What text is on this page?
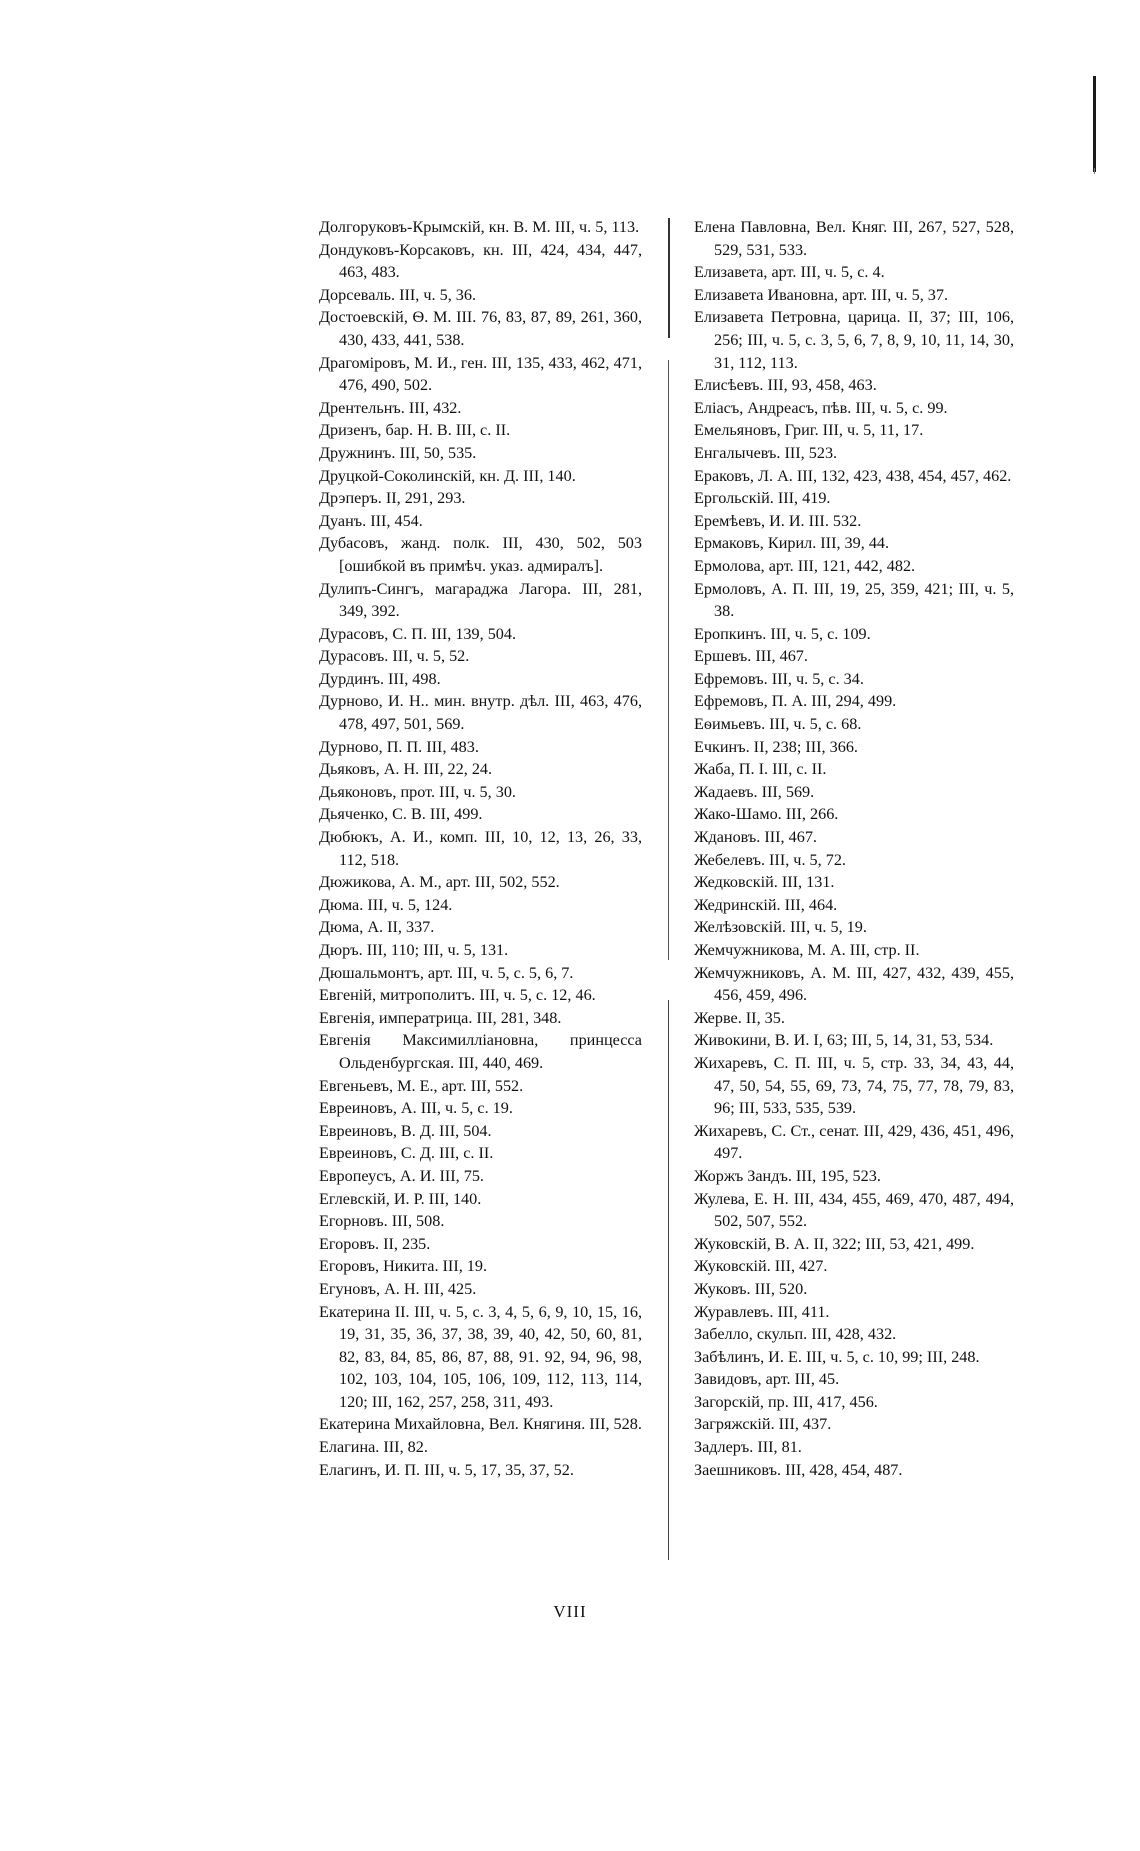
Долгоруковъ-Крымскій, кн. В. М. III, ч. 5, 113.

Дондуковъ-Корсаковъ, кн. III, 424, 434, 447, 463, 483.

Дорсеваль. III, ч. 5, 36.

Достоевскій, Ѳ. М. III. 76, 83, 87, 89, 261, 360, 430, 433, 441, 538.

Драгоміровъ, М. И., ген. III, 135, 433, 462, 471, 476, 490, 502.

Дрентельнъ. III, 432.

Дризенъ, бар. Н. В. III, с. II.

Дружнинъ. III, 50, 535.

Друцкой-Соколинскій, кн. Д. III, 140.

Дрэперъ. II, 291, 293.

Дуанъ. III, 454.

Дубасовъ, жанд. полк. III, 430, 502, 503 [ошибкой въ примѣч. указ. адмиралъ].

Дулипъ-Сингъ, магараджа Лагора. III, 281, 349, 392.

Дурасовъ, С. П. III, 139, 504.

Дурасовъ. III, ч. 5, 52.

Дурдинъ. III, 498.

Дурново, И. Н.. мин. внутр. дѣл. III, 463, 476, 478, 497, 501, 569.

Дурново, П. П. III, 483.

Дьяковъ, А. Н. III, 22, 24.

Дьяконовъ, прот. III, ч. 5, 30.

Дьяченко, С. В. III, 499.

Дюбюкъ, А. И., комп. III, 10, 12, 13, 26, 33, 112, 518.

Дюжикова, А. М., арт. III, 502, 552.

Дюма. III, ч. 5, 124.

Дюма, А. II, 337.

Дюръ. III, 110; III, ч. 5, 131.

Дюшальмонтъ, арт. III, ч. 5, с. 5, 6, 7.

Евгеній, митрополитъ. III, ч. 5, с. 12, 46.

Евгенія, императрица. III, 281, 348.

Евгенія Максимилліановна, принцесса Ольденбургская. III, 440, 469.

Евгеньевъ, М. Е., арт. III, 552.

Евреиновъ, А. III, ч. 5, с. 19.

Евреиновъ, В. Д. III, 504.

Евреиновъ, С. Д. III, с. II.

Европеусъ, А. И. III, 75.

Еглевскій, И. Р. III, 140.

Егорновъ. III, 508.

Егоровъ. II, 235.

Егоровъ, Никита. III, 19.

Егуновъ, А. Н. III, 425.

Екатерина II. III, ч. 5, с. 3, 4, 5, 6, 9, 10, 15, 16, 19, 31, 35, 36, 37, 38, 39, 40, 42, 50, 60, 81, 82, 83, 84, 85, 86, 87, 88, 91. 92, 94, 96, 98, 102, 103, 104, 105, 106, 109, 112, 113, 114, 120; III, 162, 257, 258, 311, 493.

Екатерина Михайловна, Вел. Княгиня. III, 528.

Елагина. III, 82.

Елагинъ, И. П. III, ч. 5, 17, 35, 37, 52.

Елена Павловна, Вел. Княг. III, 267, 527, 528, 529, 531, 533.

Елизавета, арт. III, ч. 5, с. 4.

Елизавета Ивановна, арт. III, ч. 5, 37.

Елизавета Петровна, царица. II, 37; III, 106, 256; III, ч. 5, с. 3, 5, 6, 7, 8, 9, 10, 11, 14, 30, 31, 112, 113.

Елисѣевъ. III, 93, 458, 463.

Еліасъ, Андреасъ, пѣв. III, ч. 5, с. 99.

Емельяновъ, Григ. III, ч. 5, 11, 17.

Енгалычевъ. III, 523.

Ераковъ, Л. А. III, 132, 423, 438, 454, 457, 462.

Ергольскій. III, 419.

Еремѣевъ, И. И. III. 532.

Ермаковъ, Кирил. III, 39, 44.

Ермолова, арт. III, 121, 442, 482.

Ермоловъ, А. П. III, 19, 25, 359, 421; III, ч. 5, 38.

Еропкинъ. III, ч. 5, с. 109.

Ершевъ. III, 467.

Ефремовъ. III, ч. 5, с. 34.

Ефремовъ, П. А. III, 294, 499.

Еѳимьевъ. III, ч. 5, с. 68.

Ечкинъ. II, 238; III, 366.

Жаба, П. I. III, с. II.

Жадаевъ. III, 569.

Жако-Шамо. III, 266.

Ждановъ. III, 467.

Жебелевъ. III, ч. 5, 72.

Жедковскій. III, 131.

Жедринскій. III, 464.

Желѣзовскій. III, ч. 5, 19.

Жемчужникова, М. А. III, стр. II.

Жемчужниковъ, А. М. III, 427, 432, 439, 455, 456, 459, 496.

Жерве. II, 35.

Живокини, В. И. I, 63; III, 5, 14, 31, 53, 534.

Жихаревъ, С. П. III, ч. 5, стр. 33, 34, 43, 44, 47, 50, 54, 55, 69, 73, 74, 75, 77, 78, 79, 83, 96; III, 533, 535, 539.

Жихаревъ, С. Ст., сенат. III, 429, 436, 451, 496, 497.

Жоржъ Зандъ. III, 195, 523.

Жулева, Е. Н. III, 434, 455, 469, 470, 487, 494, 502, 507, 552.

Жуковскій, В. А. II, 322; III, 53, 421, 499.

Жуковскій. III, 427.

Жуковъ. III, 520.

Журавлевъ. III, 411.

Забелло, скульп. III, 428, 432.

Забѣлинъ, И. Е. III, ч. 5, с. 10, 99; III, 248.

Завидовъ, арт. III, 45.

Загорскій, пр. III, 417, 456.

Загряжскій. III, 437.

Задлеръ. III, 81.

Заешниковъ. III, 428, 454, 487.

VIII
